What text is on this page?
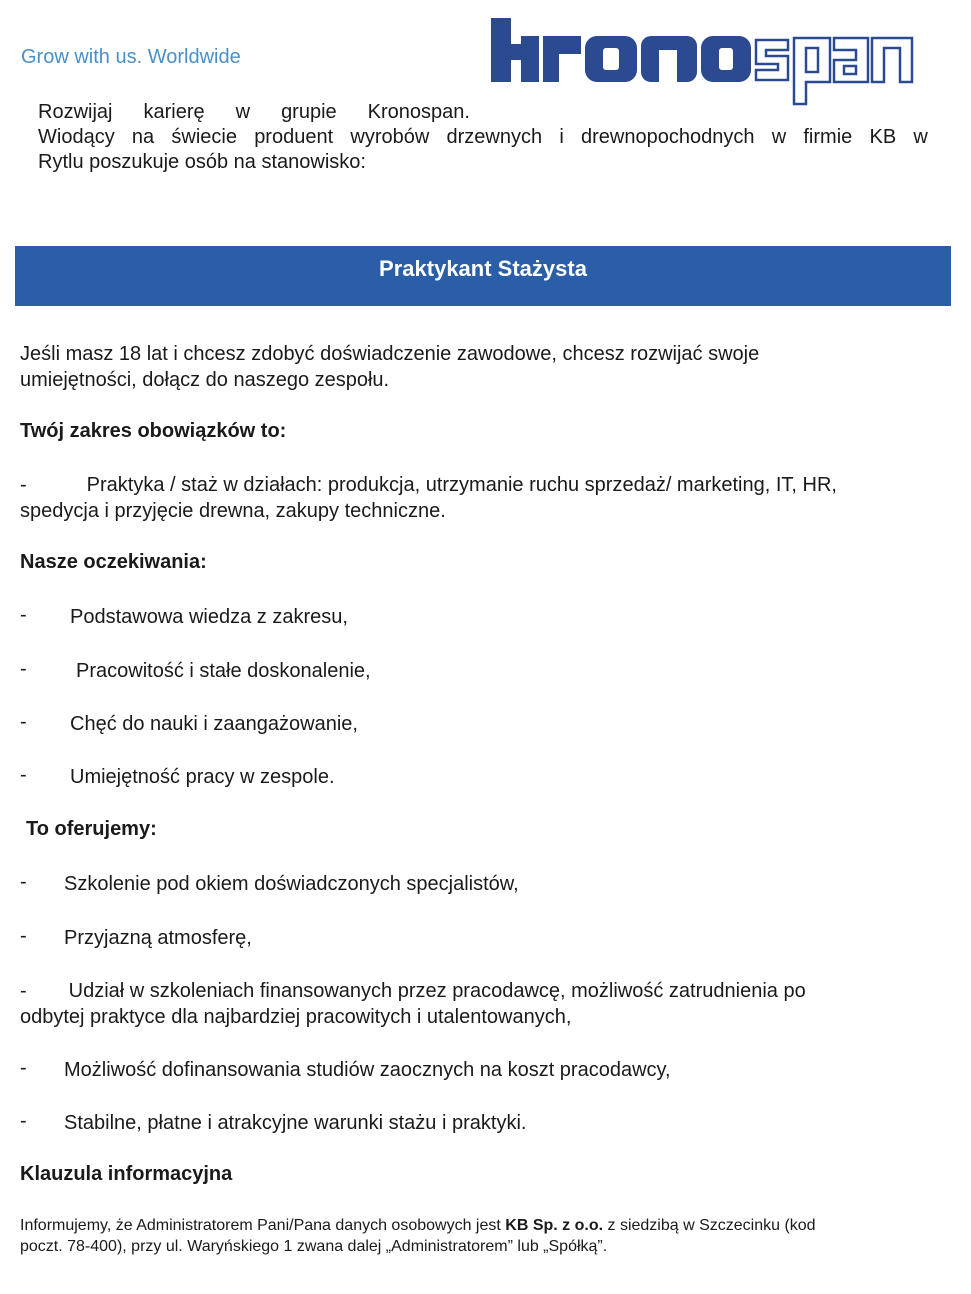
Grow with us. Worldwide
Rozwijaj karierę w grupie Kronospan.
Wiodący na świecie produent wyrobów drzewnych i drewnopochodnych w firmie KB w
Rytlu poszukuje osób na stanowisko:
Praktykant Stażysta
Jeśli masz 18 lat i chcesz zdobyć doświadczenie zawodowe, chcesz rozwijać swoje
umiejętności, dołącz do naszego zespołu.
Twój zakres obowiązków to:
-	Praktyka / staż w działach: produkcja, utrzymanie ruchu sprzedaż/ marketing, IT, HR,
spedycja i przyjęcie drewna, zakupy techniczne.
Nasze oczekiwania:
- Podstawowa wiedza z zakresu,
- Pracowitość i stałe doskonalenie,
- Chęć do nauki i zaangażowanie,
- Umiejętność pracy w zespole.
To oferujemy:
- Szkolenie pod okiem doświadczonych specjalistów,
- Przyjazną atmosferę,
- Udział w szkoleniach finansowanych przez pracodawcę, możliwość zatrudnienia po
odbytej praktyce dla najbardziej pracowitych i utalentowanych,
- Możliwość dofinansowania studiów zaocznych na koszt pracodawcy,
- Stabilne, płatne i atrakcyjne warunki stażu i praktyki.
Klauzula informacyjna
Informujemy, że Administratorem Pani/Pana danych osobowych jest KB Sp. z o.o. z siedzibą w Szczecinku (kod
poczt. 78-400), przy ul. Waryńskiego 1 zwana dalej „Administratorem” lub „Spółką”.
